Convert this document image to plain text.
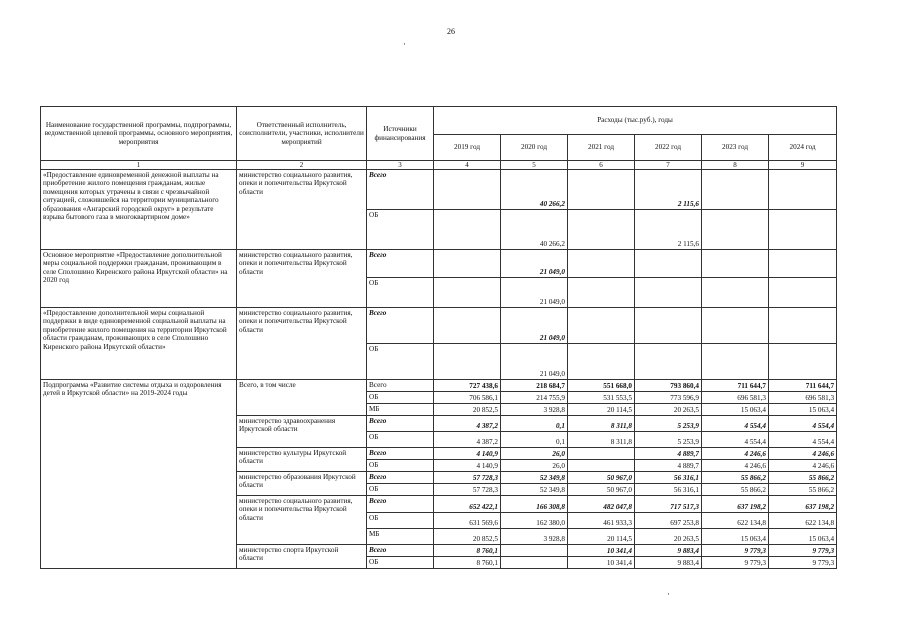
26
·
·
Наименование государственной программы, подпрограммы, ведомственной целевой программы, основного мероприятия, мероприятия	Ответственный исполнитель, соисполнители, участники, исполнители мероприятий	Источники финансирования	Расходы (тыс.руб.), годы					
			2019 год	2020 год	2021 год	2022 год	2023 год	2024 год
1	2	3	4	5	6	7	8	9
«Предоставление единовременной денежной выплаты на приобретение жилого помещения гражданам, жилые помещения которых утрачены в связи с чрезвычайной ситуацией, сложившейся на территории муниципального образования «Ангарский городской округ» в результате взрыва бытового газа в многоквартирном доме»	министерство социального развития, опеки и попечительства Иркутской области	Всего		40 266,2		2 115,6		
		ОБ		40 266,2		2 115,6		
Основное мероприятие «Предоставление дополнительной меры социальной поддержки гражданам, проживающим в селе Сполошино Киренского района Иркутской области» на 2020 год	министерство социального развития, опеки и попечительства Иркутской области	Всего		21 049,0				
		ОБ		21 049,0				
«Предоставление дополнительной меры социальной поддержки в виде единовременной социальной выплаты на приобретение жилого помещения на территории Иркутской области гражданам, проживающих в селе Сполошино Киренского района Иркутской области»	министерство социального развития, опеки и попечительства Иркутской области	Всего		21 049,0				
		ОБ		21 049,0				
Подпрограмма «Развитие системы отдыха и оздоровления детей в Иркутской области» на 2019-2024 годы	Всего, в том числе	Всего	727 438,6	218 684,7	551 668,0	793 860,4	711 644,7	711 644,7
		ОБ	706 586,1	214 755,9	531 553,5	773 596,9	696 581,3	696 581,3
		МБ	20 852,5	3 928,8	20 114,5	20 263,5	15 063,4	15 063,4
	министерство здравоохранения Иркутской области	Всего	4 387,2	0,1	8 311,8	5 253,9	4 554,4	4 554,4
		ОБ	4 387,2	0,1	8 311,8	5 253,9	4 554,4	4 554,4
	министерство культуры Иркутской области	Всего	4 140,9	26,0		4 889,7	4 246,6	4 246,6
		ОБ	4 140,9	26,0		4 889,7	4 246,6	4 246,6
	министерство образования Иркутской области	Всего	57 728,3	52 349,8	50 967,0	56 316,1	55 866,2	55 866,2
		ОБ	57 728,3	52 349,8	50 967,0	56 316,1	55 866,2	55 866,2
	министерство социального развития, опеки и попечительства Иркутской области	Всего	652 422,1	166 308,8	482 047,8	717 517,3	637 198,2	637 198,2
		ОБ	631 569,6	162 380,0	461 933,3	697 253,8	622 134,8	622 134,8
		МБ	20 852,5	3 928,8	20 114,5	20 263,5	15 063,4	15 063,4
	министерство спорта Иркутской области	Всего	8 760,1		10 341,4	9 883,4	9 779,3	9 779,3
		ОБ	8 760,1		10 341,4	9 883,4	9 779,3	9 779,3
